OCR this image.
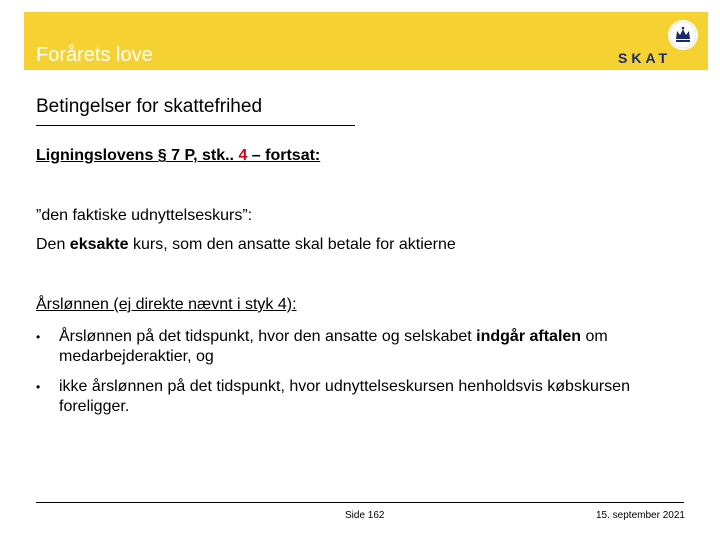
Forårets love	SKAT
Betingelser for skattefrihed
Ligningslovens § 7 P, stk.. 4 – fortsat:
”den faktiske udnyttelseskurs”:
Den eksakte kurs, som den ansatte skal betale for aktierne
Årslønnen (ej direkte nævnt i styk 4):
• Årslønnen på det tidspunkt, hvor den ansatte og selskabet indgår aftalen om medarbejderaktier, og
• ikke årslønnen på det tidspunkt, hvor udnyttelseskursen henholdsvis købskursen foreligger.
Side 162	15. september 2021
